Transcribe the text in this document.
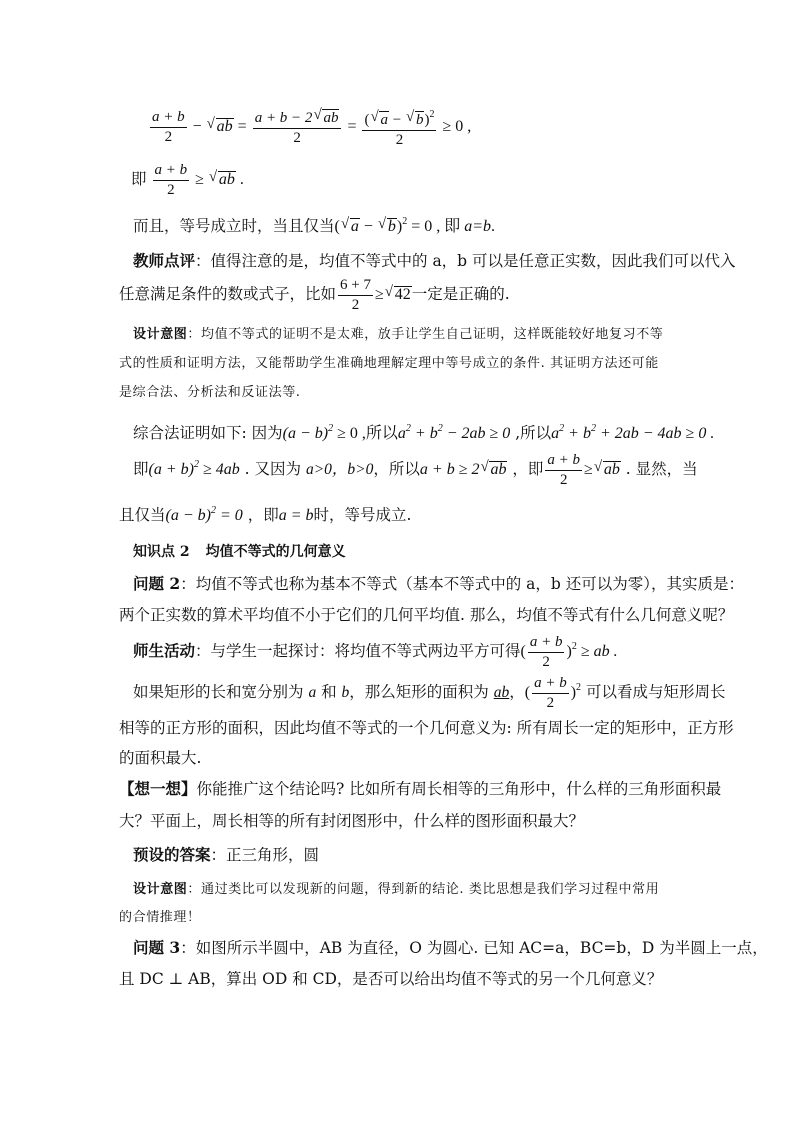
$\frac{a + b}{2}$ − √ ab = $\frac{a + b - 2 √ ab}{2} = \frac{( √ a - √ b)^2}{2} \ge 0$ ,
即 $\frac{a + b}{2}$ ≥ √ ab .
而且，等号成立时，当且仅当( √ a − √ b)$^2$ = 0 , 即 a=b.
教师点评：值得注意的是，均值不等式中的 a，b 可以是任意正实数，因此我们可以代入
任意满足条件的数或式子，比如 $\frac{6 + 7}{2}$ ≥ √ 42一定是正确的.
设计意图：均值不等式的证明不是太难，放手让学生自己证明，这样既能较好地复习不等
式的性质和证明方法，又能帮助学生准确地理解定理中等号成立的条件. 其证明方法还可能
是综合法、分析法和反证法等.
综合法证明如下: 因为$(a - b)^2 \ge 0$ ,所以$a^2 + b^2 - 2ab \ge 0$ ,所以$a^2 + b^2 + 2ab - 4ab \ge 0$ .
即$(a + b)^2 \ge 4ab$ . 又因为 a>0，b>0，所以a + b ≥ 2 √ ab ，即 $\frac{a + b}{2}$ ≥ √ ab . 显然，当
且仅当$(a - b)^2 = 0$ ，即a = b时，等号成立.
知识点 2 均值不等式的几何意义
问题 2：均值不等式也称为基本不等式（基本不等式中的 a，b 还可以为零），其实质是：
两个正实数的算术平均值不小于它们的几何平均值. 那么，均值不等式有什么几何意义呢？
师生活动：与学生一起探讨：将均值不等式两边平方可得( $\frac{a + b}{2} )^2$ ≥ ab .
如果矩形的长和宽分别为 a 和 b，那么矩形的面积为 ab，( $\frac{a + b}{2} )^2$ 可以看成与矩形周长
相等的正方形的面积，因此均值不等式的一个几何意义为: 所有周长一定的矩形中，正方形
的面积最大.
【想一想】你能推广这个结论吗? 比如所有周长相等的三角形中，什么样的三角形面积最
大？平面上，周长相等的所有封闭图形中，什么样的图形面积最大？
预设的答案：正三角形，圆
设计意图：通过类比可以发现新的问题，得到新的结论. 类比思想是我们学习过程中常用
的合情推理！
问题 3：如图所示半圆中，AB 为直径，O 为圆心. 已知 AC=a，BC=b，D 为半圆上一点，
且 DC ⊥ AB，算出 OD 和 CD，是否可以给出均值不等式的另一个几何意义？
